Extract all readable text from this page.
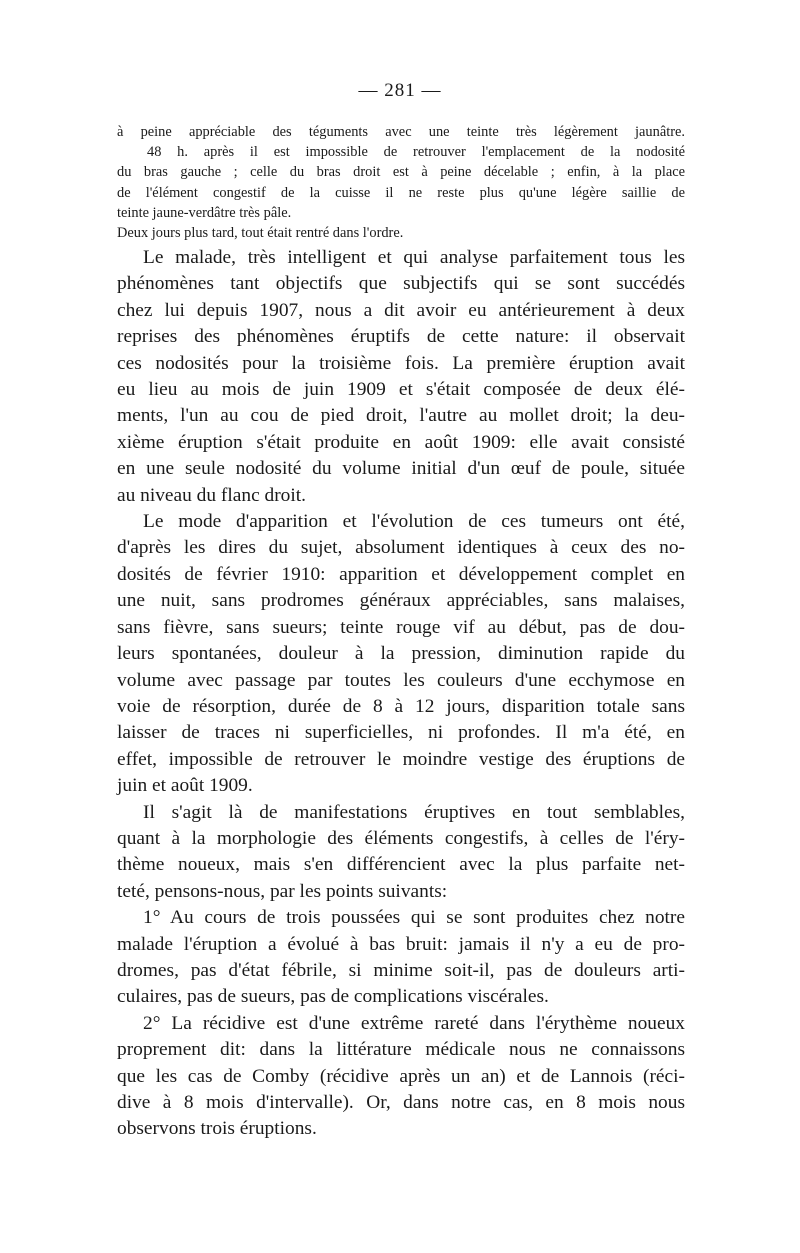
— 281 —
à peine appréciable des téguments avec une teinte très légèrement jaunâtre.
48 h. après il est impossible de retrouver l'emplacement de la nodosité
du bras gauche ; celle du bras droit est à peine décelable ; enfin, à la place
de l'élément congestif de la cuisse il ne reste plus qu'une légère saillie de
teinte jaune-verdâtre très pâle.
Deux jours plus tard, tout était rentré dans l'ordre.
Le malade, très intelligent et qui analyse parfaitement tous les
phénomènes tant objectifs que subjectifs qui se sont succédés
chez lui depuis 1907, nous a dit avoir eu antérieurement à deux
reprises des phénomènes éruptifs de cette nature: il observait
ces nodosités pour la troisième fois. La première éruption avait
eu lieu au mois de juin 1909 et s'était composée de deux élé-
ments, l'un au cou de pied droit, l'autre au mollet droit; la deu-
xième éruption s'était produite en août 1909: elle avait consisté
en une seule nodosité du volume initial d'un œuf de poule, située
au niveau du flanc droit.
Le mode d'apparition et l'évolution de ces tumeurs ont été,
d'après les dires du sujet, absolument identiques à ceux des no-
dosités de février 1910: apparition et développement complet en
une nuit, sans prodromes généraux appréciables, sans malaises,
sans fièvre, sans sueurs; teinte rouge vif au début, pas de dou-
leurs spontanées, douleur à la pression, diminution rapide du
volume avec passage par toutes les couleurs d'une ecchymose en
voie de résorption, durée de 8 à 12 jours, disparition totale sans
laisser de traces ni superficielles, ni profondes. Il m'a été, en
effet, impossible de retrouver le moindre vestige des éruptions de
juin et août 1909.
Il s'agit là de manifestations éruptives en tout semblables,
quant à la morphologie des éléments congestifs, à celles de l'éry-
thème noueux, mais s'en différencient avec la plus parfaite net-
teté, pensons-nous, par les points suivants:
1° Au cours de trois poussées qui se sont produites chez notre
malade l'éruption a évolué à bas bruit: jamais il n'y a eu de pro-
dromes, pas d'état fébrile, si minime soit-il, pas de douleurs arti-
culaires, pas de sueurs, pas de complications viscérales.
2° La récidive est d'une extrême rareté dans l'érythème noueux
proprement dit: dans la littérature médicale nous ne connaissons
que les cas de Comby (récidive après un an) et de Lannois (réci-
dive à 8 mois d'intervalle). Or, dans notre cas, en 8 mois nous
observons trois éruptions.
